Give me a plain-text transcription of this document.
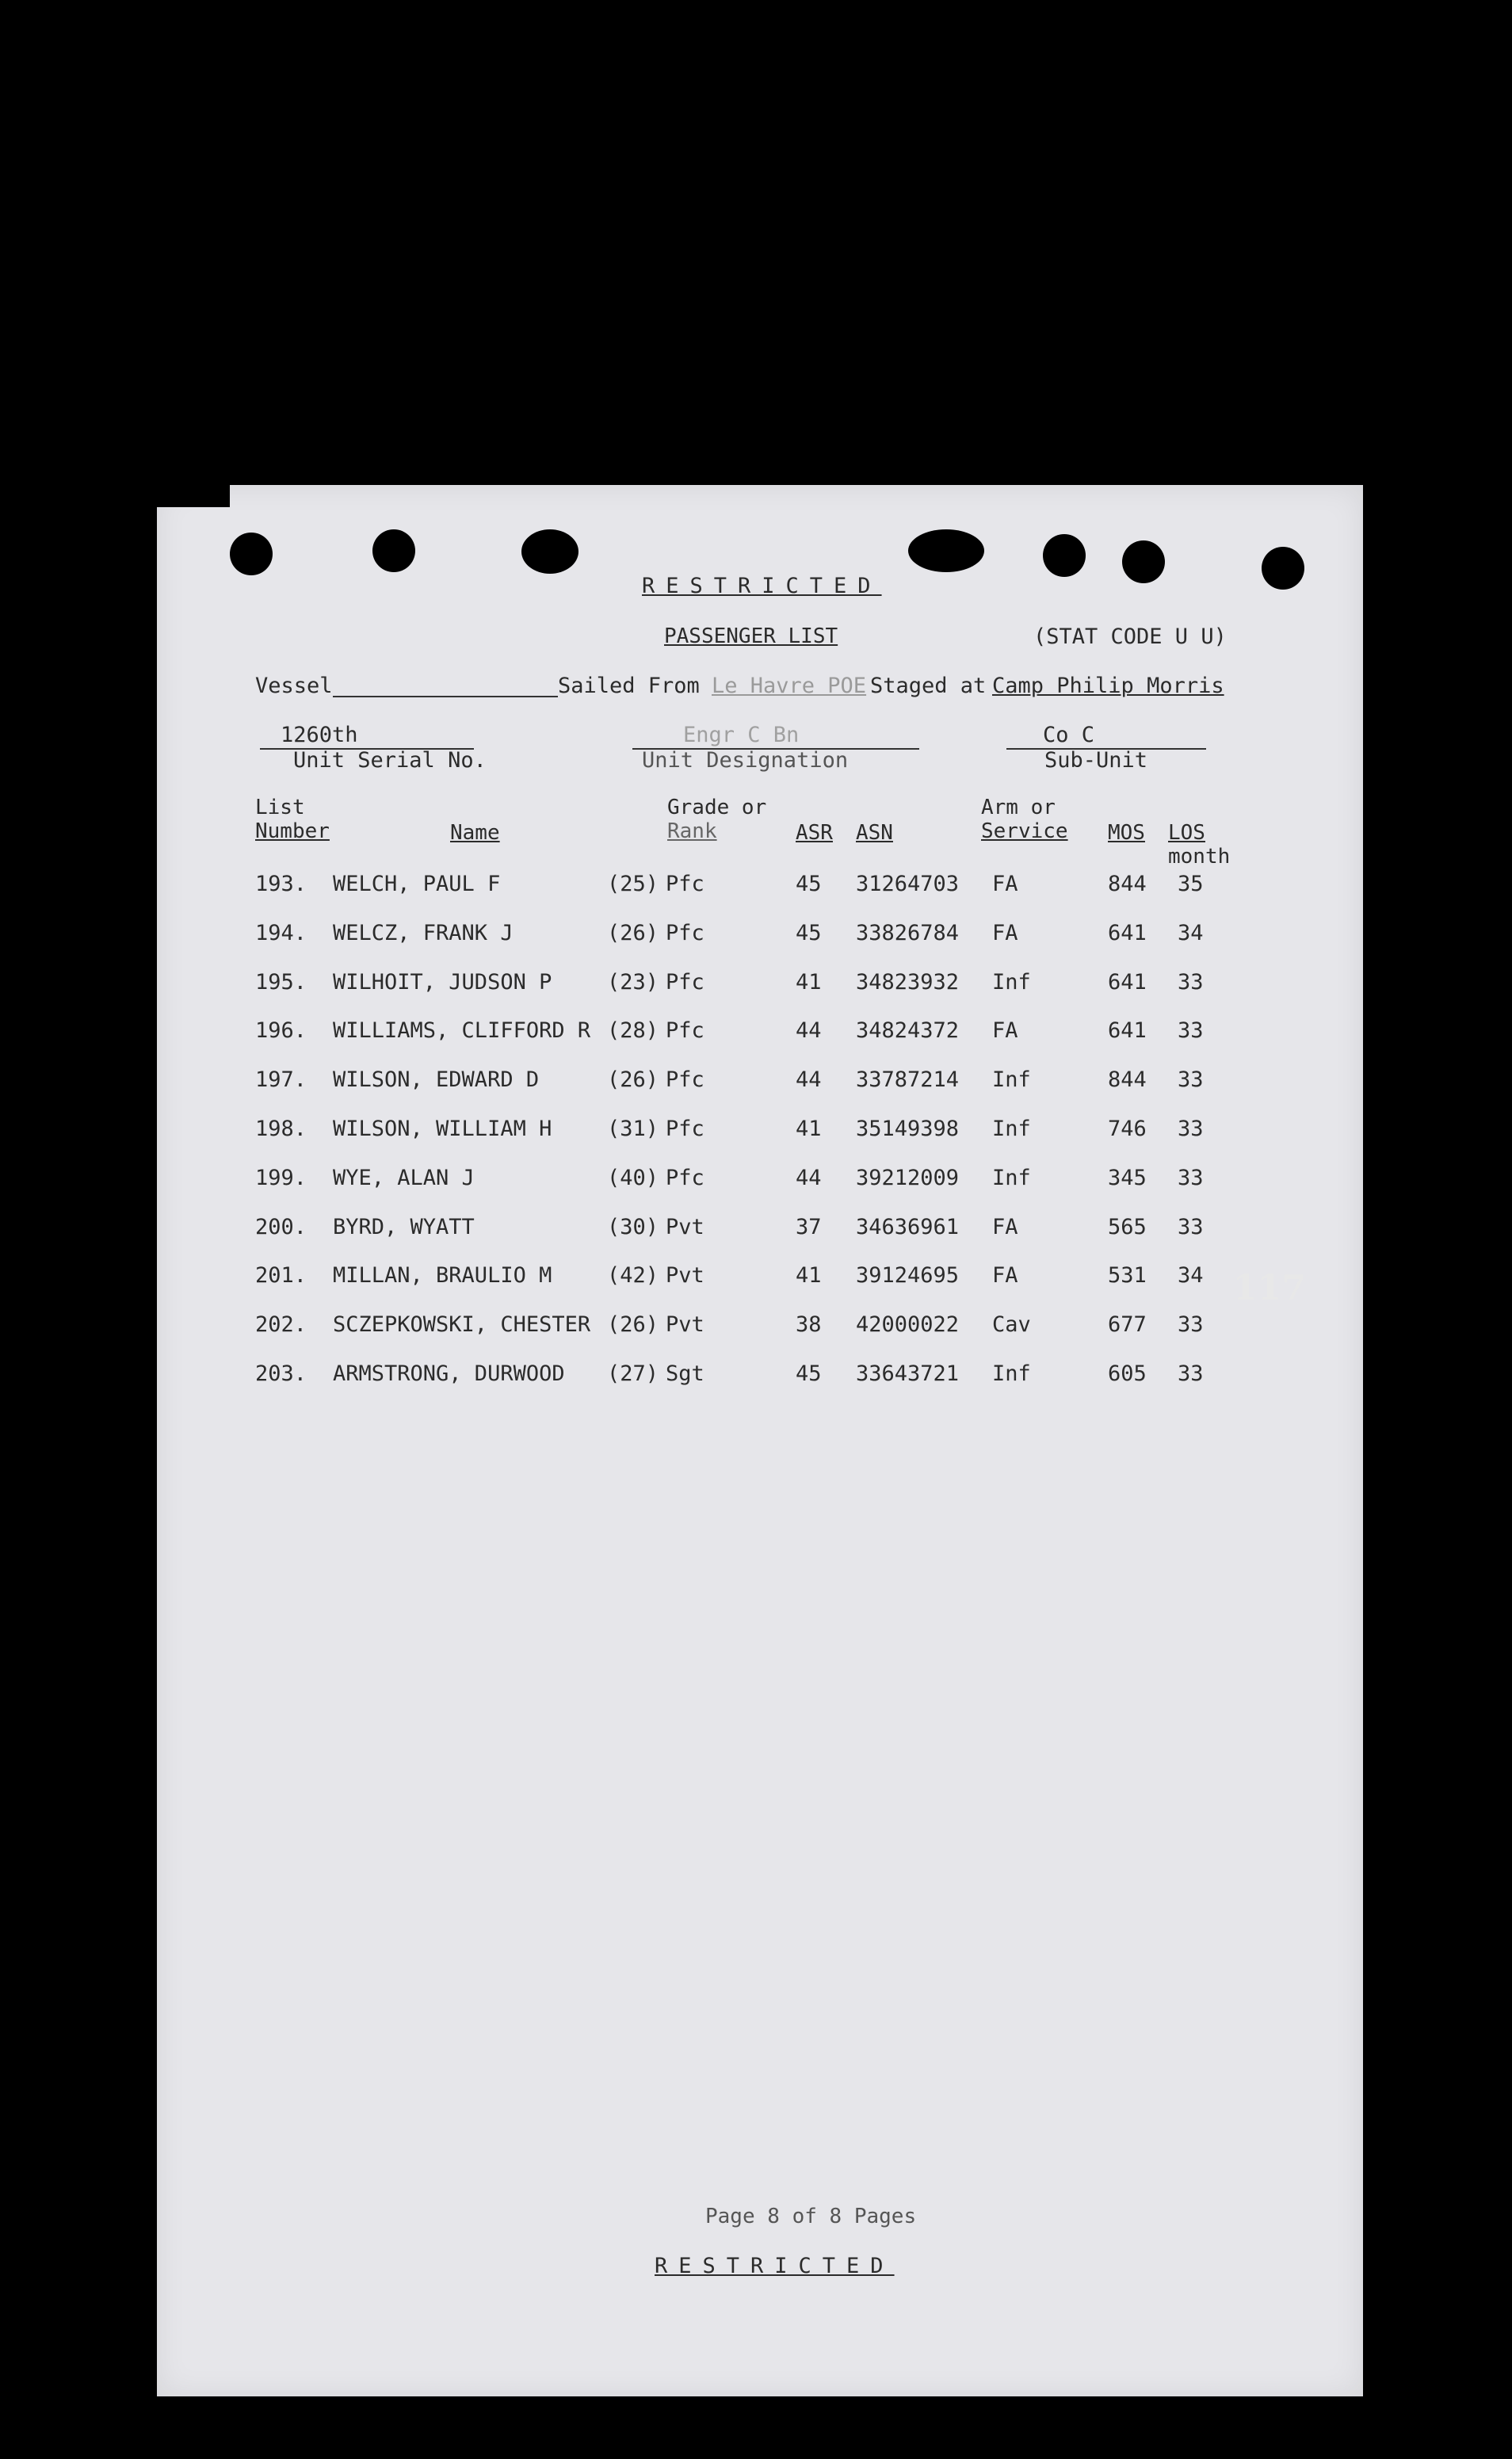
RESTRICTED
PASSENGER LIST	(STAT CODE U U)
Vessel	Sailed From Le Havre POE Staged at Camp Philip Morris
1260th
Unit Serial No.
Engr C Bn
Unit Designation
Co C
Sub-Unit
List
Number	Name
Grade or
Rank	ASR ASN
Arm or
Service MOS LOS
month
193. WELCH, PAUL F	(25) Pfc	45 31264703 FA	844 35
194. WELCZ, FRANK J	(26) Pfc	45 33826784 FA	641 34
195. WILHOIT, JUDSON P	(23) Pfc	41 34823932 Inf	641 33
196. WILLIAMS, CLIFFORD R (28) Pfc	44 34824372 FA	641 33
197. WILSON, EDWARD D	(26) Pfc	44 33787214 Inf	844 33
198. WILSON, WILLIAM H	(31) Pfc	41 35149398 Inf	746 33
199. WYE, ALAN J	(40) Pfc	44 39212009 Inf	345 33
200. BYRD, WYATT	(30) Pvt	37 34636961 FA	565 33
201. MILLAN, BRAULIO M	(42) Pvt	41 39124695 FA	531 34
202. SCZEPKOWSKI, CHESTER (26) Pvt	38 42000022 Cav	677 33
203. ARMSTRONG, DURWOOD (27) Sgt	45 33643721 Inf	605 33
Page 8 of 8 Pages
RESTRICTED
117
